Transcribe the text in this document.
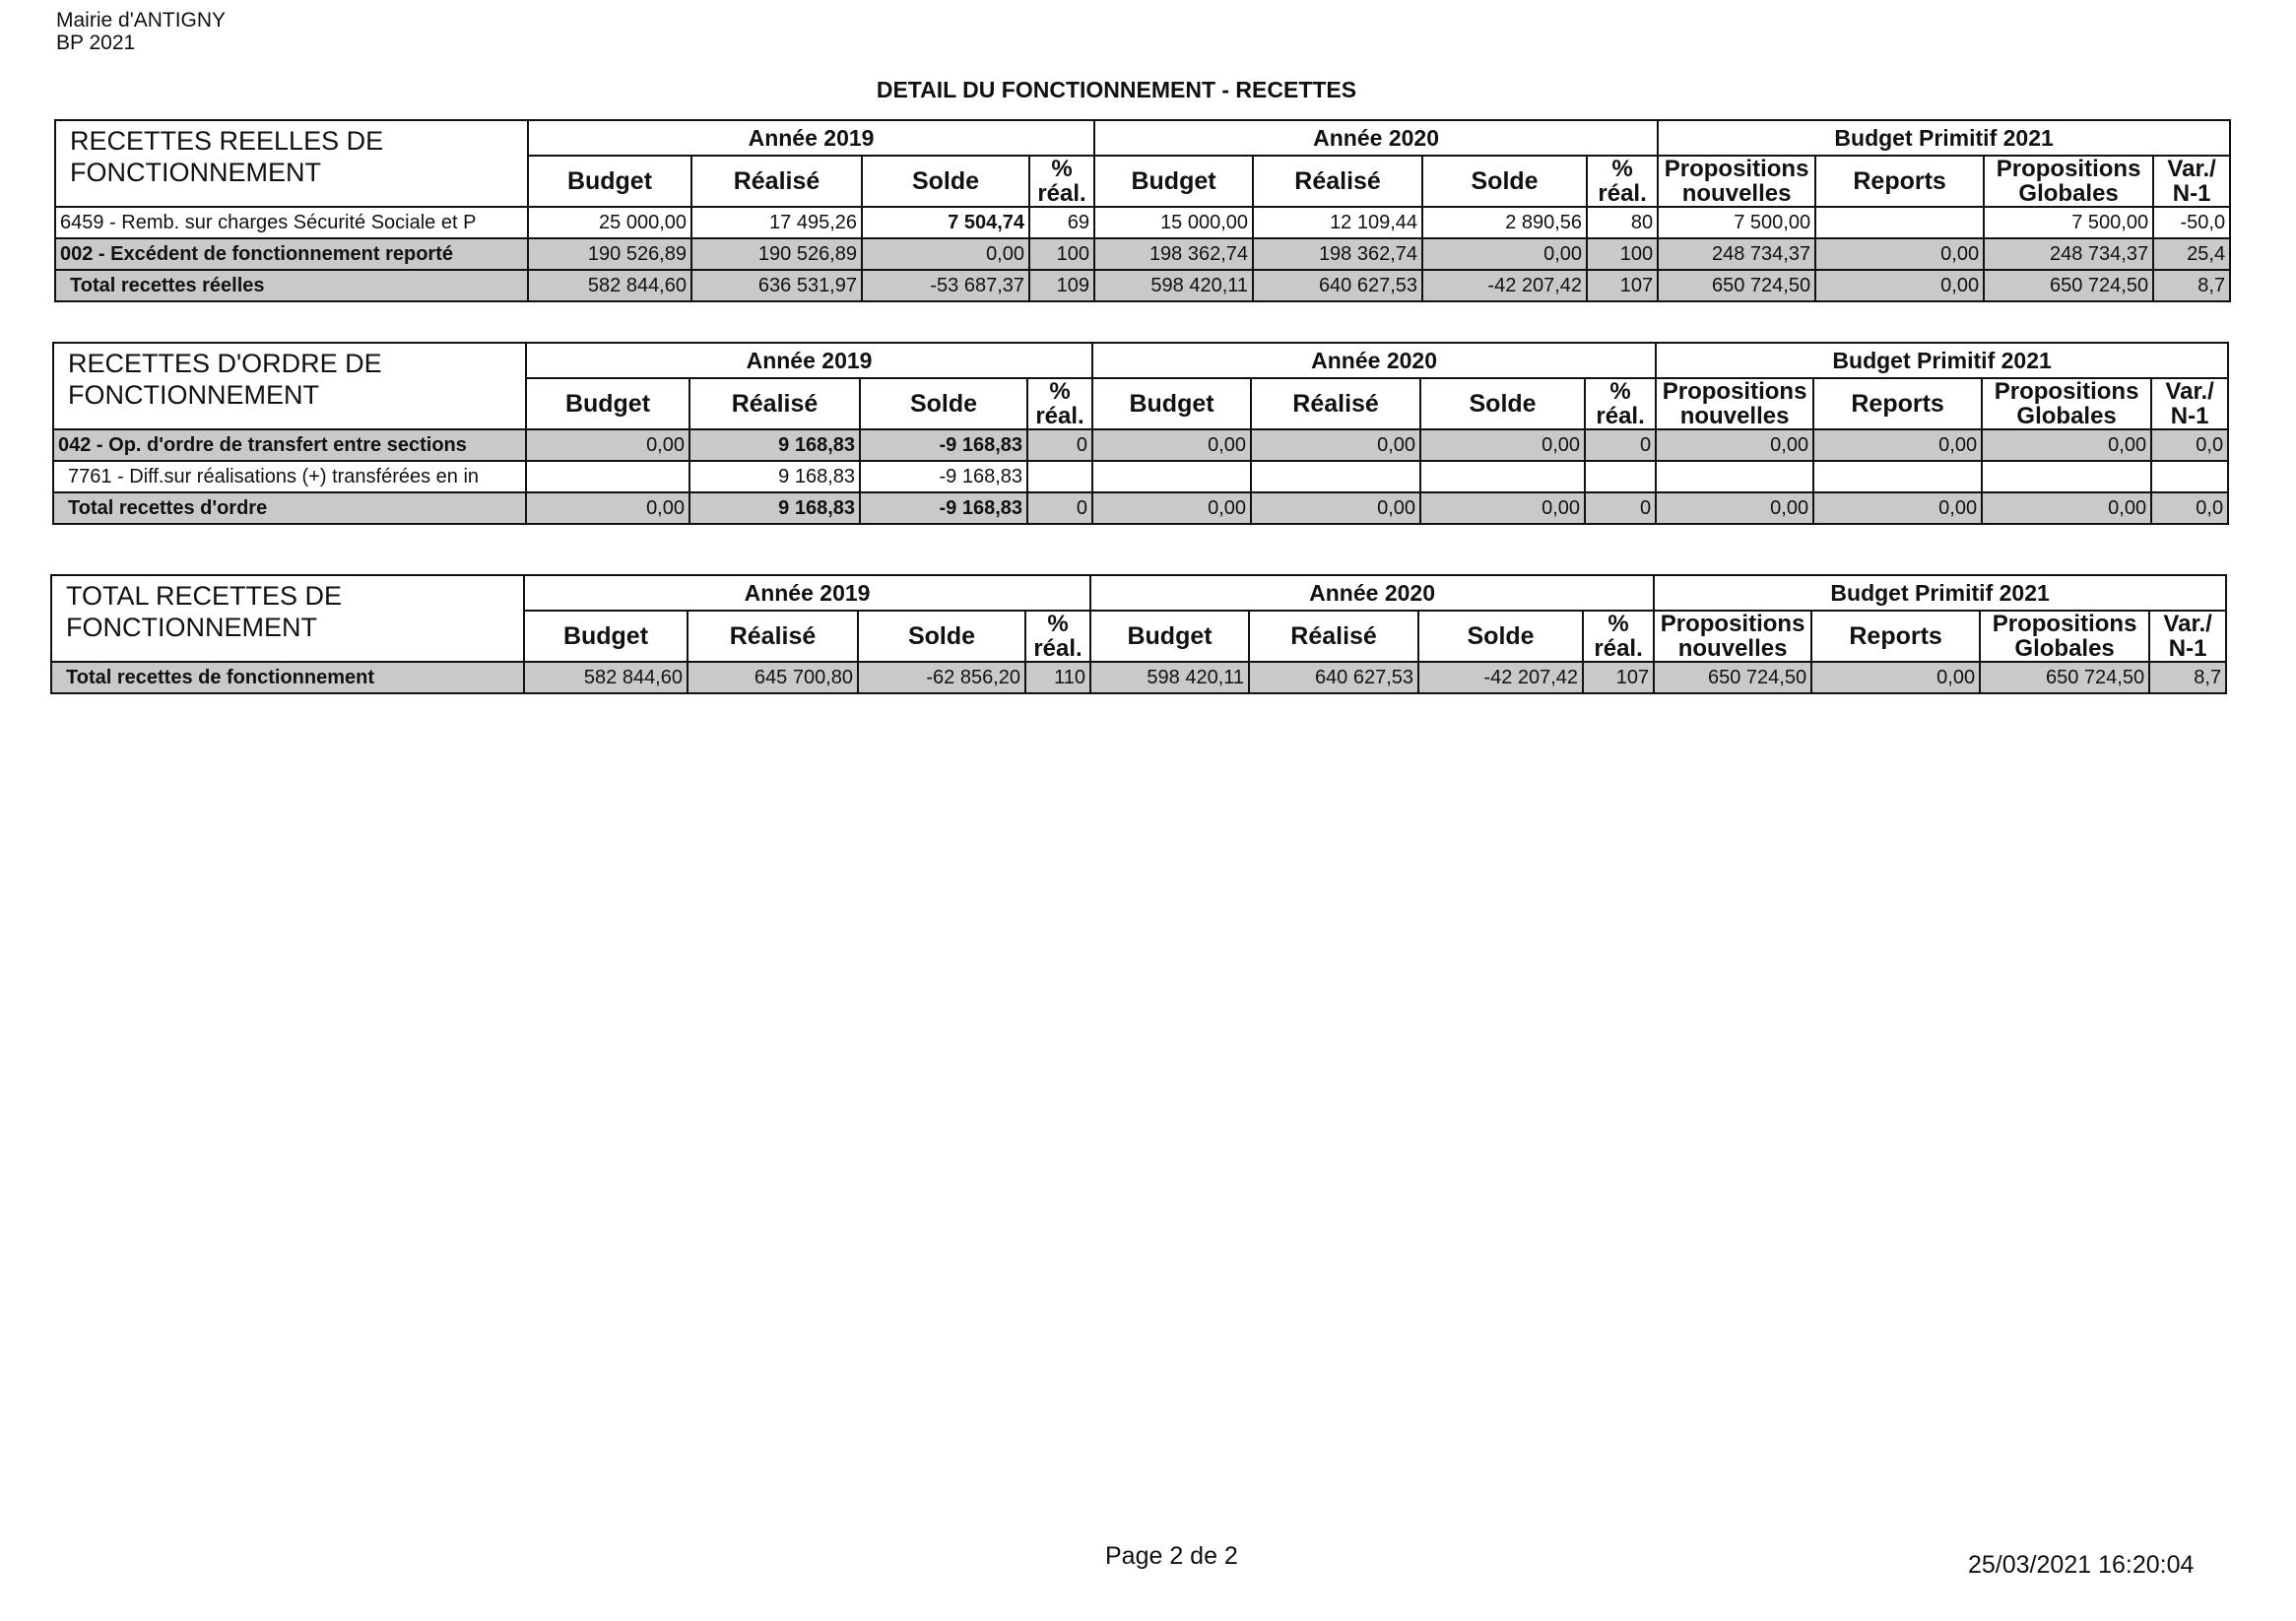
Mairie d'ANTIGNY
BP 2021
DETAIL DU FONCTIONNEMENT - RECETTES
RECETTES REELLES DE FONCTIONNEMENT	Année 2019				Année 2020				Budget Primitif 2021			
	Budget	Réalisé	Solde	%
réal.	Budget	Réalisé	Solde	%
réal.	Propositions
nouvelles	Reports	Propositions
Globales	Var./
N-1
6459 - Remb. sur charges Sécurité Sociale et P	25 000,00	17 495,26	7 504,74	69	15 000,00	12 109,44	2 890,56	80	7 500,00		7 500,00	-50,0
002 - Excédent de fonctionnement reporté	190 526,89	190 526,89	0,00	100	198 362,74	198 362,74	0,00	100	248 734,37	0,00	248 734,37	25,4
Total recettes réelles	582 844,60	636 531,97	-53 687,37	109	598 420,11	640 627,53	-42 207,42	107	650 724,50	0,00	650 724,50	8,7
RECETTES D'ORDRE DE FONCTIONNEMENT	Année 2019				Année 2020				Budget Primitif 2021			
	Budget	Réalisé	Solde	%
réal.	Budget	Réalisé	Solde	%
réal.	Propositions
nouvelles	Reports	Propositions
Globales	Var./
N-1
042 - Op. d'ordre de transfert entre sections	0,00	9 168,83	-9 168,83	0	0,00	0,00	0,00	0	0,00	0,00	0,00	0,0
7761 - Diff.sur réalisations (+) transférées en in		9 168,83	-9 168,83									
Total recettes d'ordre	0,00	9 168,83	-9 168,83	0	0,00	0,00	0,00	0	0,00	0,00	0,00	0,0
TOTAL RECETTES DE FONCTIONNEMENT	Année 2019				Année 2020				Budget Primitif 2021			
	Budget	Réalisé	Solde	%
réal.	Budget	Réalisé	Solde	%
réal.	Propositions
nouvelles	Reports	Propositions
Globales	Var./
N-1
Total recettes de fonctionnement	582 844,60	645 700,80	-62 856,20	110	598 420,11	640 627,53	-42 207,42	107	650 724,50	0,00	650 724,50	8,7
Page 2 de 2	25/03/2021 16:20:04
